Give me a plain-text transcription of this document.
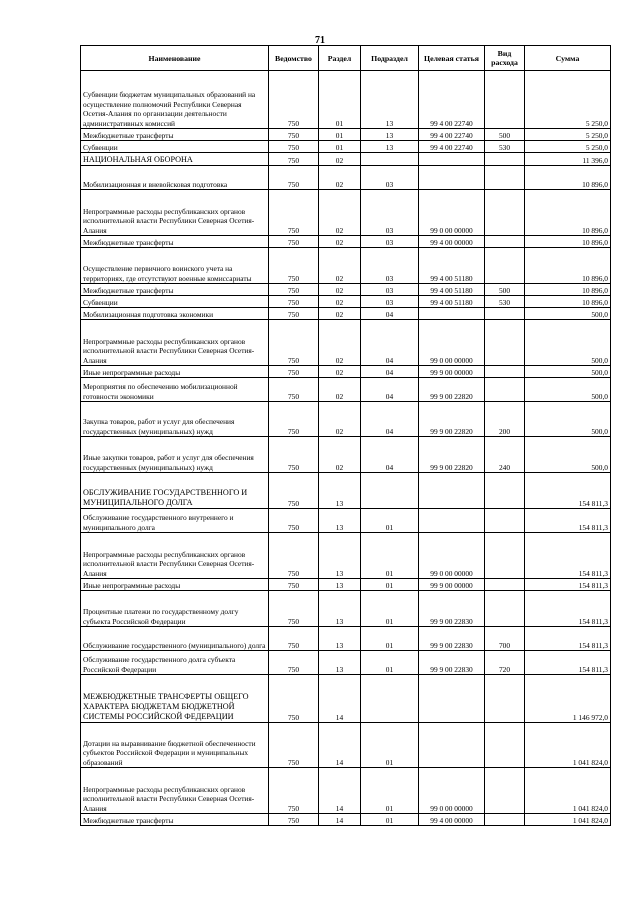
71
Наименование	Ведомство	Раздел	Подраздел	Целевая статья	Вид расхода	Сумма
Субвенции бюджетам муниципальных образований на осуществление полномочий Республики Северная Осетия-Алания по организации деятельности административных комиссий	750	01	13	99 4 00 22740		5 250,0
Межбюджетные трансферты	750	01	13	99 4 00 22740	500	5 250,0
Субвенции	750	01	13	99 4 00 22740	530	5 250,0
НАЦИОНАЛЬНАЯ ОБОРОНА	750	02				11 396,0
Мобилизационная и вневойсковая подготовка	750	02	03			10 896,0
Непрограммные расходы республиканских органов исполнительной власти Республики Северная Осетия-Алания	750	02	03	99 0 00 00000		10 896,0
Межбюджетные трансферты	750	02	03	99 4 00 00000		10 896,0
Осуществление первичного воинского учета на территориях, где отсутствуют военные комиссариаты	750	02	03	99 4 00 51180		10 896,0
Межбюджетные трансферты	750	02	03	99 4 00 51180	500	10 896,0
Субвенции	750	02	03	99 4 00 51180	530	10 896,0
Мобилизационная подготовка экономики	750	02	04			500,0
Непрограммные расходы республиканских органов исполнительной власти Республики Северная Осетия-Алания	750	02	04	99 0 00 00000		500,0
Иные непрограммные расходы	750	02	04	99 9 00 00000		500,0
Мероприятия по обеспечению мобилизационной готовности экономики	750	02	04	99 9 00 22820		500,0
Закупка товаров, работ и услуг для обеспечения государственных (муниципальных) нужд	750	02	04	99 9 00 22820	200	500,0
Иные закупки товаров, работ и услуг для обеспечения государственных (муниципальных) нужд	750	02	04	99 9 00 22820	240	500,0
ОБСЛУЖИВАНИЕ ГОСУДАРСТВЕННОГО И МУНИЦИПАЛЬНОГО ДОЛГА	750	13				154 811,3
Обслуживание государственного внутреннего и муниципального долга	750	13	01			154 811,3
Непрограммные расходы республиканских органов исполнительной власти Республики Северная Осетия-Алания	750	13	01	99 0 00 00000		154 811,3
Иные непрограммные расходы	750	13	01	99 9 00 00000		154 811,3
Процентные платежи по государственному долгу субъекта Российской Федерации	750	13	01	99 9 00 22830		154 811,3
Обслуживание государственного (муниципального) долга	750	13	01	99 9 00 22830	700	154 811,3
Обслуживание государственного долга субъекта Российской Федерации	750	13	01	99 9 00 22830	720	154 811,3
МЕЖБЮДЖЕТНЫЕ ТРАНСФЕРТЫ ОБЩЕГО ХАРАКТЕРА БЮДЖЕТАМ БЮДЖЕТНОЙ СИСТЕМЫ РОССИЙСКОЙ ФЕДЕРАЦИИ	750	14				1 146 972,0
Дотации на выравнивание бюджетной обеспеченности субъектов Российской Федерации и муниципальных образований	750	14	01			1 041 824,0
Непрограммные расходы республиканских органов исполнительной власти Республики Северная Осетия-Алания	750	14	01	99 0 00 00000		1 041 824,0
Межбюджетные трансферты	750	14	01	99 4 00 00000		1 041 824,0
